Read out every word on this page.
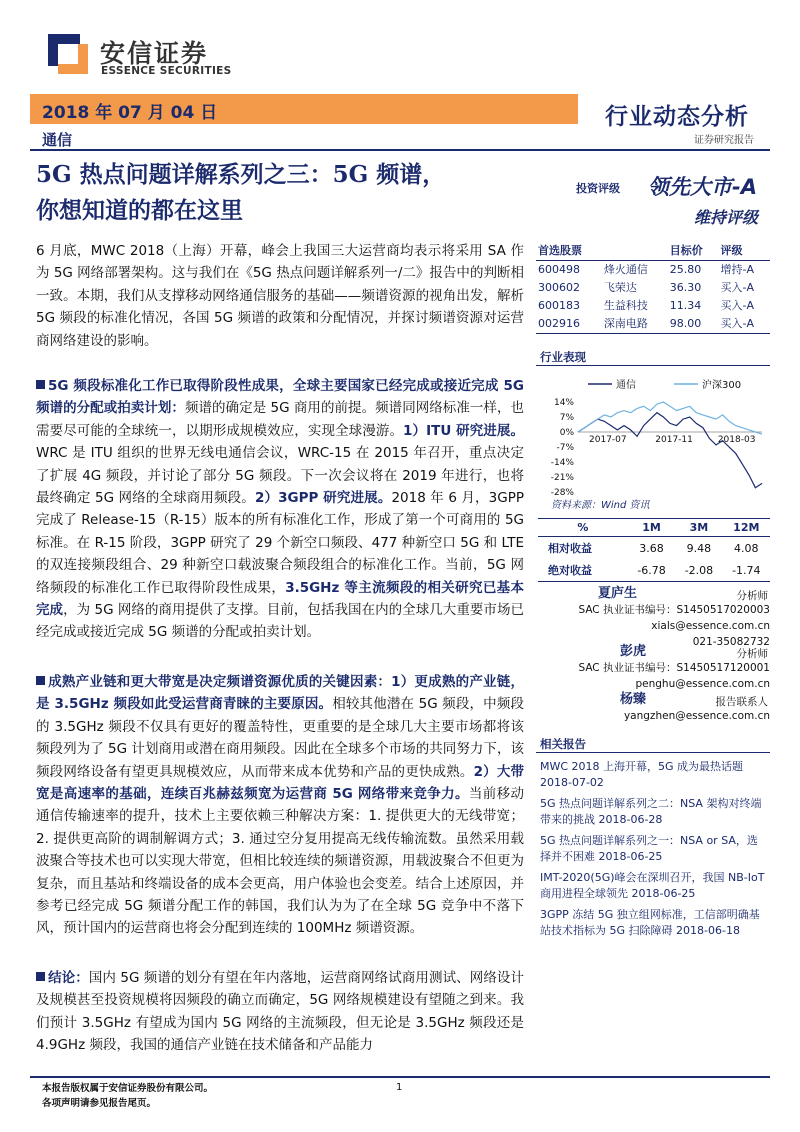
安信证券
ESSENCE SECURITIES
2018 年 07 月 04 日
通信
行业动态分析
证券研究报告
5G 热点问题详解系列之三：5G 频谱，
你想知道的都在这里
投资评级 领先大市-A
维持评级

6 月底，MWC 2018（上海）开幕，峰会上我国三大运营商均表示将采用 SA 作为 5G 网络部署架构。这与我们在《5G 热点问题详解系列一/二》报告中的判断相一致。本期，我们从支撑移动网络通信服务的基础——频谱资源的视角出发，解析 5G 频段的标准化情况，各国 5G 频谱的政策和分配情况，并探讨频谱资源对运营商网络建设的影响。

5G 频段标准化工作已取得阶段性成果，全球主要国家已经完成或接近完成 5G 频谱的分配或拍卖计划：频谱的确定是 5G 商用的前提。频谱同网络标准一样，也需要尽可能的全球统一，以期形成规模效应，实现全球漫游。1）ITU 研究进展。WRC 是 ITU 组织的世界无线电通信会议，WRC-15 在 2015 年召开，重点决定了扩展 4G 频段，并讨论了部分 5G 频段。下一次会议将在 2019 年进行，也将最终确定 5G 网络的全球商用频段。2）3GPP 研究进展。2018 年 6 月，3GPP 完成了 Release-15（R-15）版本的所有标准化工作，形成了第一个可商用的 5G 标准。在 R-15 阶段，3GPP 研究了 29 个新空口频段、477 种新空口 5G 和 LTE 的双连接频段组合、29 种新空口载波聚合频段组合的标准化工作。当前，5G 网络频段的标准化工作已取得阶段性成果，3.5GHz 等主流频段的相关研究已基本完成，为 5G 网络的商用提供了支撑。目前，包括我国在内的全球几大重要市场已经完成或接近完成 5G 频谱的分配或拍卖计划。

成熟产业链和更大带宽是决定频谱资源优质的关键因素：1）更成熟的产业链，是 3.5GHz 频段如此受运营商青睐的主要原因。相较其他潜在 5G 频段，中频段的 3.5GHz 频段不仅具有更好的覆盖特性，更重要的是全球几大主要市场都将该频段列为了 5G 计划商用或潜在商用频段。因此在全球多个市场的共同努力下，该频段网络设备有望更具规模效应，从而带来成本优势和产品的更快成熟。2）大带宽是高速率的基础，连续百兆赫兹频宽为运营商 5G 网络带来竞争力。当前移动通信传输速率的提升，技术上主要依赖三种解决方案：1. 提供更大的无线带宽；2. 提供更高阶的调制解调方式；3. 通过空分复用提高无线传输流数。虽然采用载波聚合等技术也可以实现大带宽，但相比较连续的频谱资源，用载波聚合不但更为复杂，而且基站和终端设备的成本会更高，用户体验也会变差。结合上述原因，并参考已经完成 5G 频谱分配工作的韩国，我们认为为了在全球 5G 竞争中不落下风，预计国内的运营商也将会分配到连续的 100MHz 频谱资源。

结论：国内 5G 频谱的划分有望在年内落地，运营商网络试商用测试、网络设计及规模甚至投资规模将因频段的确立而确定，5G 网络规模建设有望随之到来。我们预计 3.5GHz 有望成为国内 5G 网络的主流频段，但无论是 3.5GHz 频段还是 4.9GHz 频段，我国的通信产业链在技术储备和产品能力

首选股票		目标价	评级
600498	烽火通信	25.80	增持-A
300602	飞荣达	36.30	买入-A
600183	生益科技	11.34	买入-A
002916	深南电路	98.00	买入-A
行业表现
通信	沪深300
14%
7%
0%
-7%
-14%
-21%
-28%
2017-07	2017-11	2018-03
资料来源：Wind 资讯
%	1M	3M	12M
相对收益	3.68	9.48	4.08
绝对收益	-6.78	-2.08	-1.74
夏庐生	分析师
SAC 执业证书编号：S1450517020003
xials@essence.com.cn
021-35082732
彭虎	分析师
SAC 执业证书编号：S1450517120001
penghu@essence.com.cn
杨臻	报告联系人
yangzhen@essence.com.cn
相关报告
MWC 2018 上海开幕，5G 成为最热话题 2018-07-02
5G 热点问题详解系列之二：NSA 架构对终端带来的挑战 2018-06-28
5G 热点问题详解系列之一：NSA or SA，选择并不困难 2018-06-25
IMT-2020(5G)峰会在深圳召开，我国 NB-IoT 商用进程全球领先 2018-06-25
3GPP 冻结 5G 独立组网标准，工信部明确基站技术指标为 5G 扫除障碍 2018-06-18
本报告版权属于安信证券股份有限公司。
各项声明请参见报告尾页。
1
